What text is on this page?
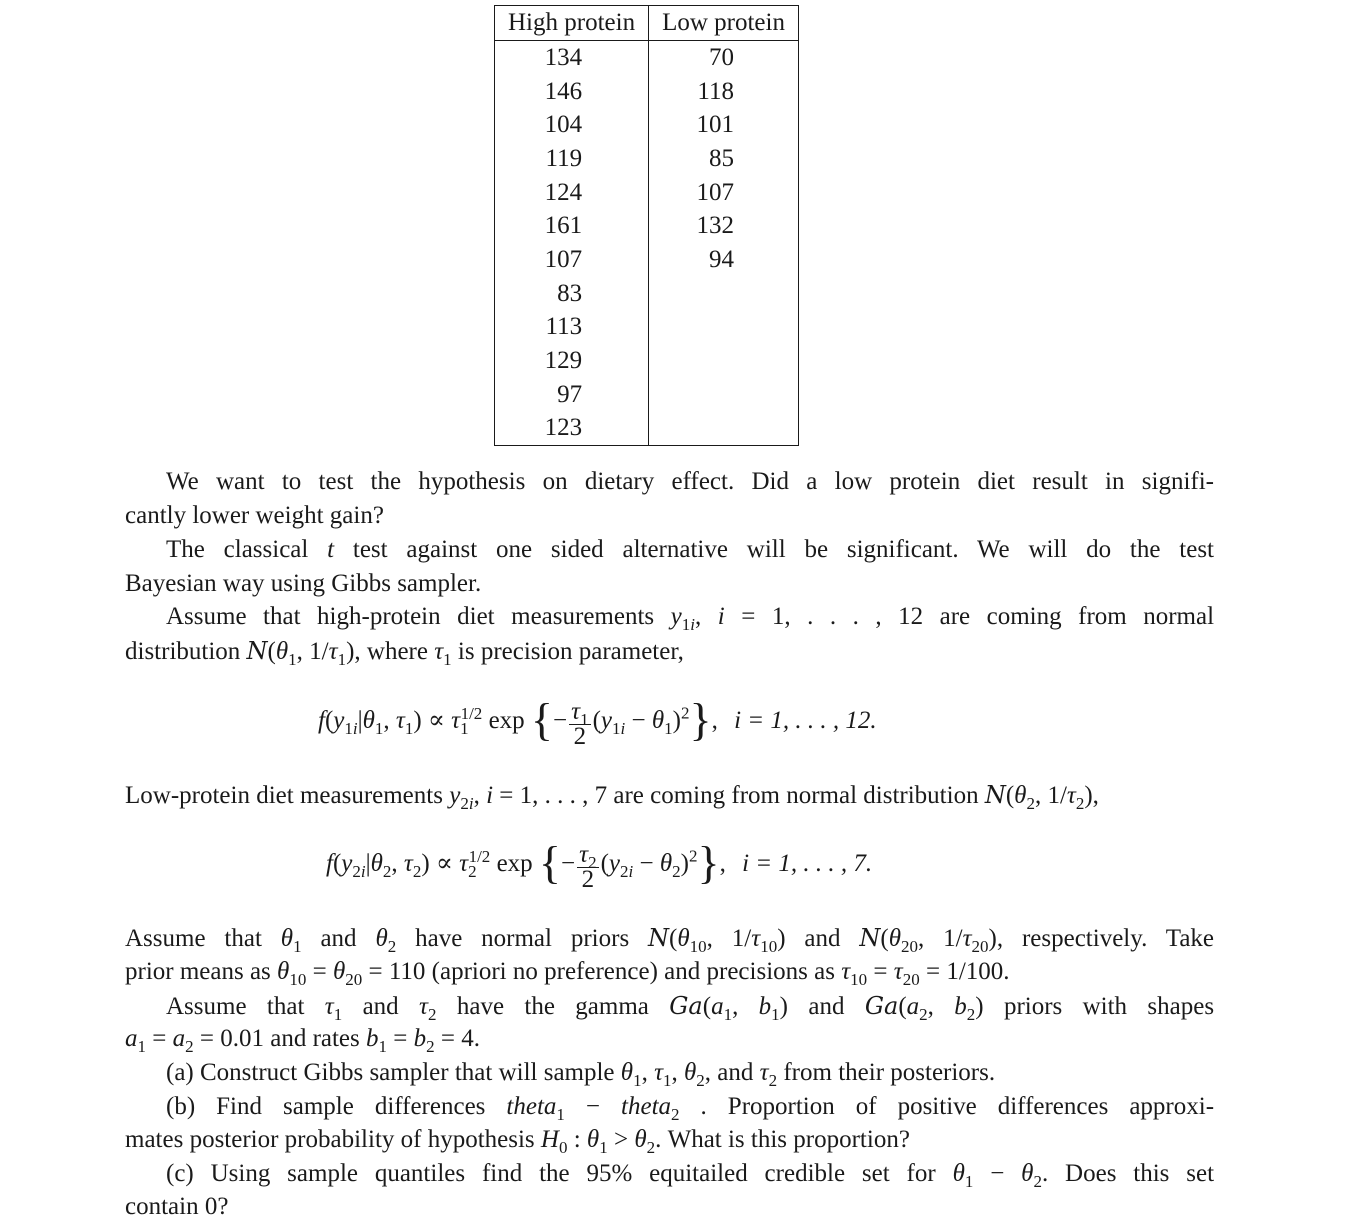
High protein	Low protein
134	70
146	118
104	101
119	85
124	107
161	132
107	94
83	
113	
129	
97	
123	
We want to test the hypothesis on dietary effect. Did a low protein diet result in signifi-
cantly lower weight gain?
The classical t test against one sided alternative will be significant. We will do the test
Bayesian way using Gibbs sampler.
Assume that high-protein diet measurements $y_{1i}$, i = 1, . . . , 12 are coming from normal
distribution $N(\theta_1$, $1/\tau_1$), where $\tau_1$ is precision parameter,
$f(y_{1i}|\theta_1$, $\tau_1) \propto \tau_1^{1/2}$ exp {− $\frac{\tau_1}{2} (y_{1i} - \theta_1)^2$}, i = 1, . . . , 12.
Low-protein diet measurements $y_{2i}$, i = 1, . . . , 7 are coming from normal distribution $N(\theta_2$, $1/\tau_2$),
$f(y_{2i}|\theta_2$, $\tau_2) \propto \tau_2^{1/2}$ exp {− $\frac{\tau_2}{2} (y_{2i} - \theta_2)^2$}, i = 1, . . . , 7.
Assume that $\theta_1$ and $\theta_2$ have normal priors $N(\theta_{10}$, $1/\tau_{10}$) and $N(\theta_{20}$, $1/\tau_{20}$), respectively. Take
prior means as $\theta_{10} = \theta_{20} = 110$ (apriori no preference) and precisions as $\tau_{10} = \tau_{20} = 1/100$.
Assume that $\tau_1$ and $\tau_2$ have the gamma $Ga(a_1$, $b_1$) and $Ga(a_2$, $b_2$) priors with shapes
$a_1 = a_2 = 0.01$ and rates $b_1 = b_2 = 4$.
(a) Construct Gibbs sampler that will sample $\theta_1$, $\tau_1$, $\theta_2$, and $\tau_2$ from their posteriors.
(b) Find sample differences theta$_1$ − theta$_2$ . Proportion of positive differences approxi-
mates posterior probability of hypothesis $H_0$ : $\theta_1 > \theta_2$. What is this proportion?
(c) Using sample quantiles find the 95% equitailed credible set for $\theta_1 - \theta_2$. Does this set
contain 0?
